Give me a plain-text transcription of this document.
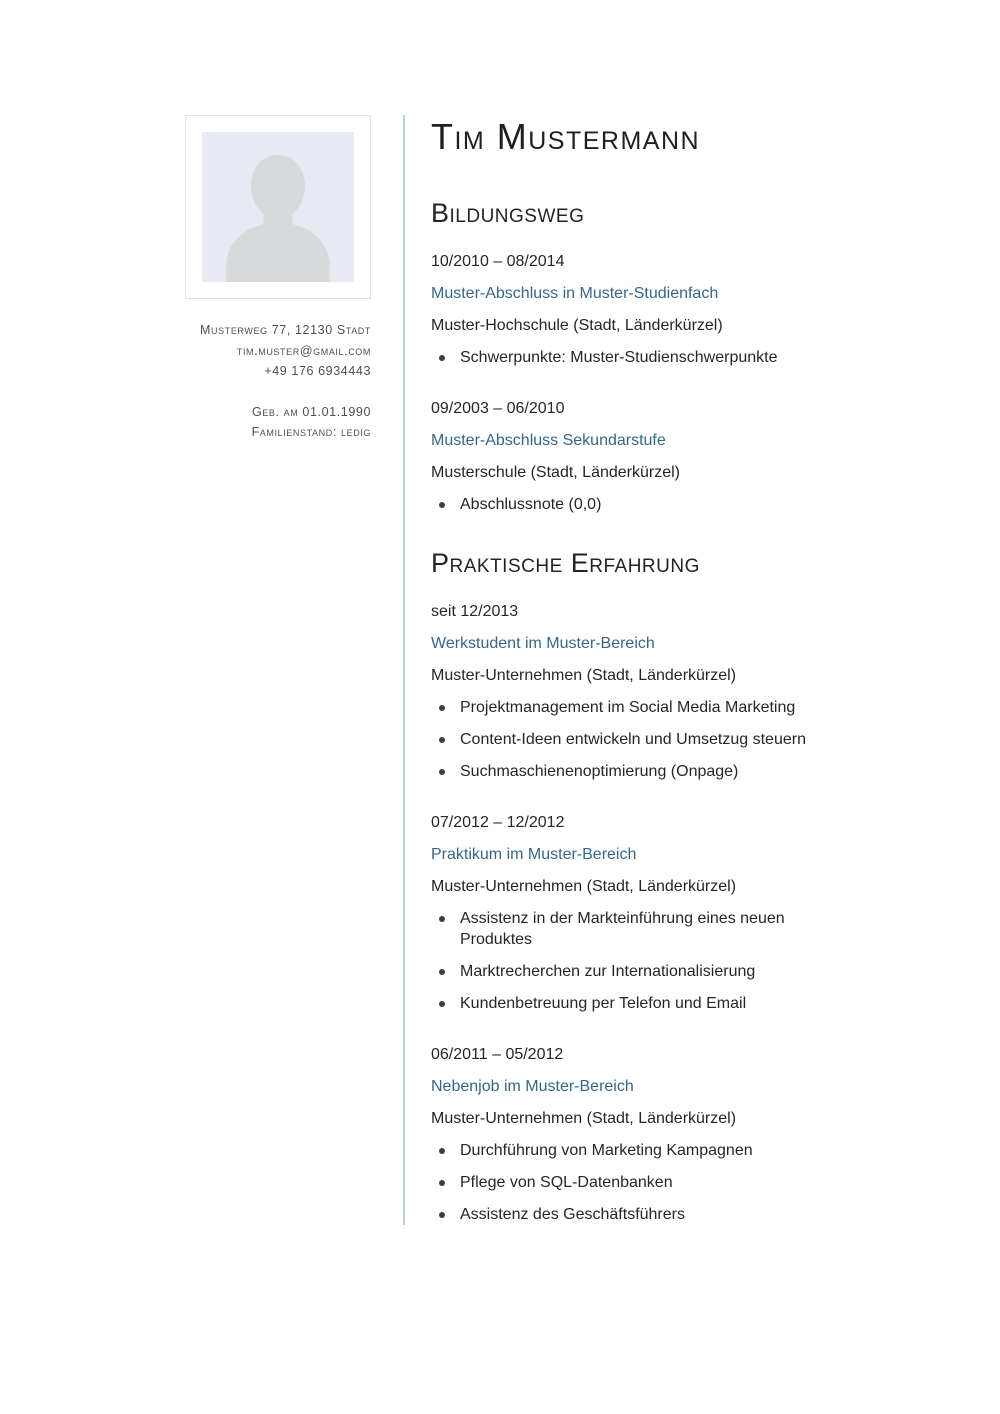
Musterweg 77, 12130 Stadt
tim.muster@gmail.com
+49 176 6934443
Geb. am 01.01.1990
Familienstand: ledig
Tim Mustermann
Bildungsweg
10/2010 – 08/2014
Muster-Abschluss in Muster-Studienfach
Muster-Hochschule (Stadt, Länderkürzel)
Schwerpunkte: Muster-Studienschwerpunkte
09/2003 – 06/2010
Muster-Abschluss Sekundarstufe
Musterschule (Stadt, Länderkürzel)
Abschlussnote (0,0)
Praktische Erfahrung
seit 12/2013
Werkstudent im Muster-Bereich
Muster-Unternehmen (Stadt, Länderkürzel)
Projektmanagement im Social Media Marketing
Content-Ideen entwickeln und Umsetzug steuern
Suchmaschienenoptimierung (Onpage)
07/2012 – 12/2012
Praktikum im Muster-Bereich
Muster-Unternehmen (Stadt, Länderkürzel)
Assistenz in der Markteinführung eines neuen Produktes
Marktrecherchen zur Internationalisierung
Kundenbetreuung per Telefon und Email
06/2011 – 05/2012
Nebenjob im Muster-Bereich
Muster-Unternehmen (Stadt, Länderkürzel)
Durchführung von Marketing Kampagnen
Pflege von SQL-Datenbanken
Assistenz des Geschäftsführers
